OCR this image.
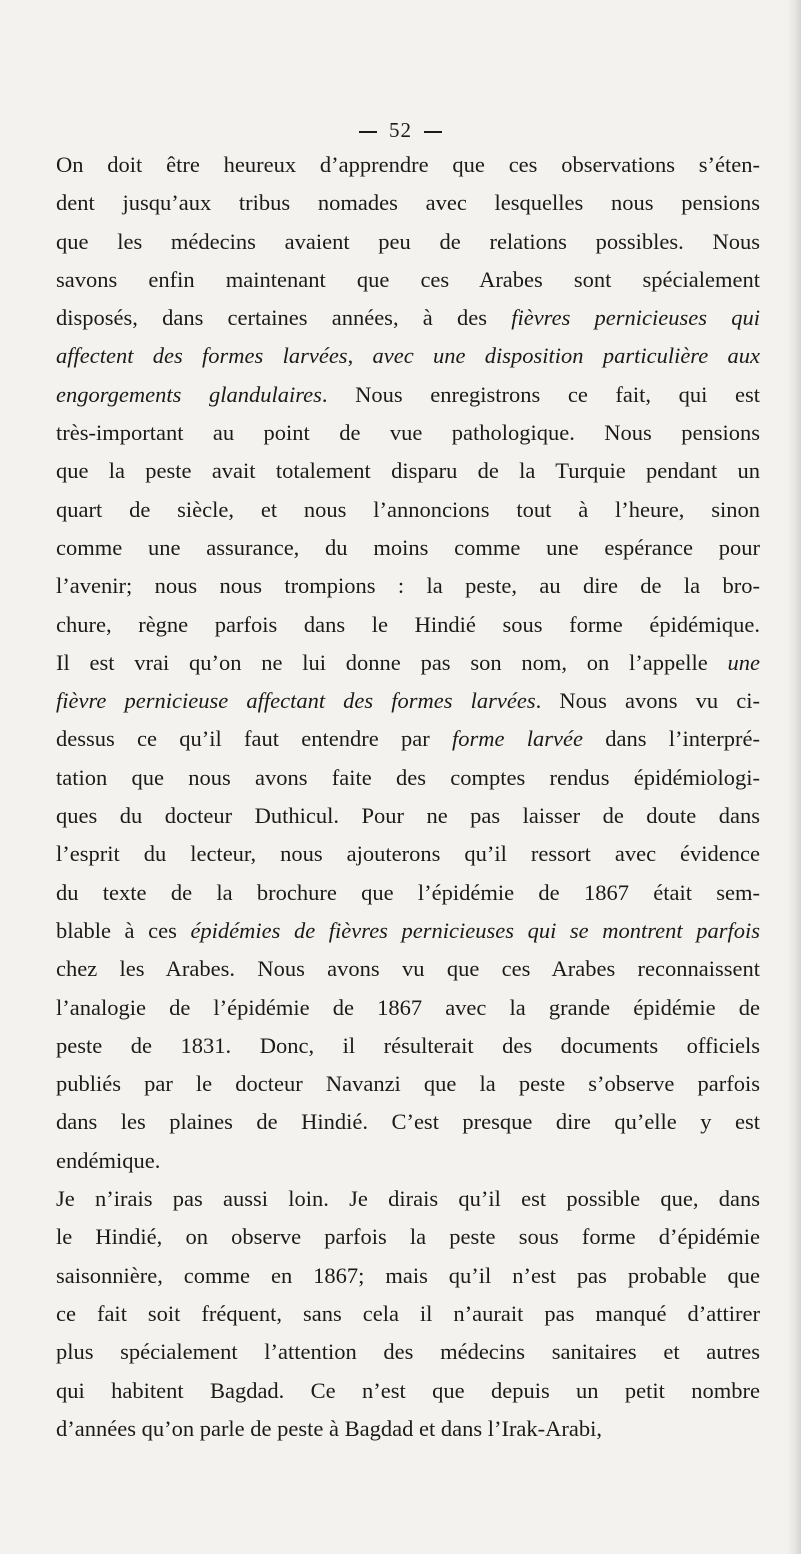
52
On doit être heureux d’apprendre que ces observations s’éten-
dent jusqu’aux tribus nomades avec lesquelles nous pensions
que les médecins avaient peu de relations possibles. Nous
savons enfin maintenant que ces Arabes sont spécialement
disposés, dans certaines années, à des fièvres pernicieuses qui
affectent des formes larvées, avec une disposition particulière aux
engorgements glandulaires. Nous enregistrons ce fait, qui est
très-important au point de vue pathologique. Nous pensions
que la peste avait totalement disparu de la Turquie pendant un
quart de siècle, et nous l’annoncions tout à l’heure, sinon
comme une assurance, du moins comme une espérance pour
l’avenir; nous nous trompions : la peste, au dire de la bro-
chure, règne parfois dans le Hindié sous forme épidémique.
Il est vrai qu’on ne lui donne pas son nom, on l’appelle une
fièvre pernicieuse affectant des formes larvées. Nous avons vu ci-
dessus ce qu’il faut entendre par forme larvée dans l’interpré-
tation que nous avons faite des comptes rendus épidémiologi-
ques du docteur Duthicul. Pour ne pas laisser de doute dans
l’esprit du lecteur, nous ajouterons qu’il ressort avec évidence
du texte de la brochure que l’épidémie de 1867 était sem-
blable à ces épidémies de fièvres pernicieuses qui se montrent parfois
chez les Arabes. Nous avons vu que ces Arabes reconnaissent
l’analogie de l’épidémie de 1867 avec la grande épidémie de
peste de 1831. Donc, il résulterait des documents officiels
publiés par le docteur Navanzi que la peste s’observe parfois
dans les plaines de Hindié. C’est presque dire qu’elle y est
endémique.
Je n’irais pas aussi loin. Je dirais qu’il est possible que, dans
le Hindié, on observe parfois la peste sous forme d’épidémie
saisonnière, comme en 1867; mais qu’il n’est pas probable que
ce fait soit fréquent, sans cela il n’aurait pas manqué d’attirer
plus spécialement l’attention des médecins sanitaires et autres
qui habitent Bagdad. Ce n’est que depuis un petit nombre
d’années qu’on parle de peste à Bagdad et dans l’Irak-Arabi,
